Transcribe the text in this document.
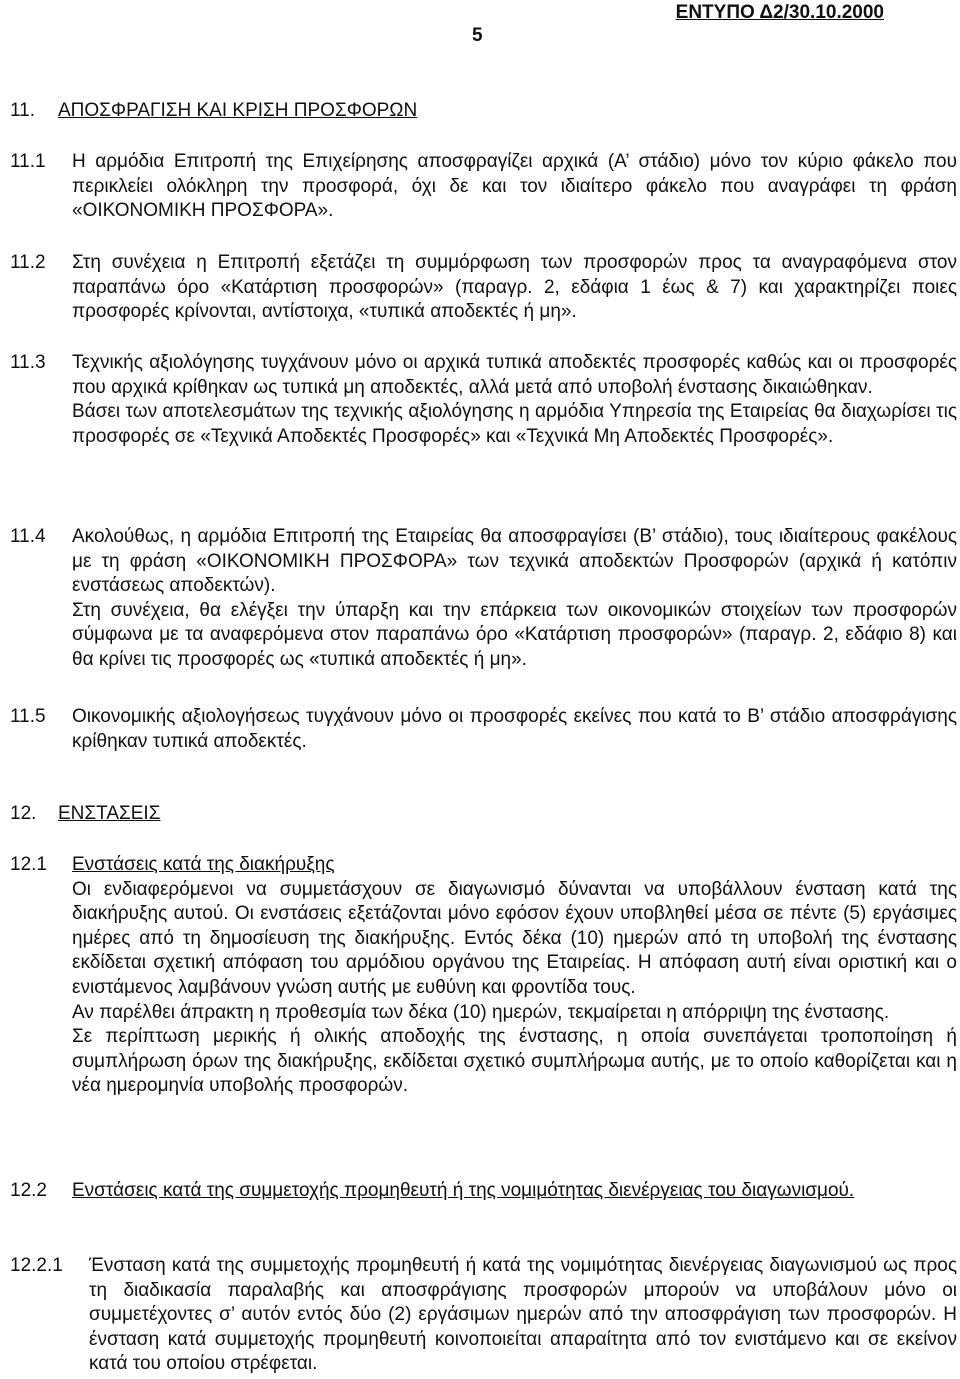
ΕΝΤΥΠΟ Δ2/30.10.2000
5
11. ΑΠΟΣΦΡΑΓΙΣΗ ΚΑΙ ΚΡΙΣΗ ΠΡΟΣΦΟΡΩΝ
11.1 Η αρμόδια Επιτροπή της Επιχείρησης αποσφραγίζει αρχικά (Α’ στάδιο) μόνο τον κύριο φάκελο που περικλείει ολόκληρη την προσφορά, όχι δε και τον ιδιαίτερο φάκελο που αναγράφει τη φράση «ΟΙΚΟΝΟΜΙΚΗ ΠΡΟΣΦΟΡΑ».

11.2 Στη συνέχεια η Επιτροπή εξετάζει τη συμμόρφωση των προσφορών προς τα αναγραφόμενα στον παραπάνω όρο «Κατάρτιση προσφορών» (παραγρ. 2, εδάφια 1 έως & 7) και χαρακτηρίζει ποιες προσφορές κρίνονται, αντίστοιχα, «τυπικά αποδεκτές ή μη».

11.3 Τεχνικής αξιολόγησης τυγχάνουν μόνο οι αρχικά τυπικά αποδεκτές προσφορές καθώς και οι προσφορές που αρχικά κρίθηκαν ως τυπικά μη αποδεκτές, αλλά μετά από υποβολή ένστασης δικαιώθηκαν.

Βάσει των αποτελεσμάτων της τεχνικής αξιολόγησης η αρμόδια Υπηρεσία της Εταιρείας θα διαχωρίσει τις προσφορές σε «Τεχνικά Αποδεκτές Προσφορές» και «Τεχνικά Μη Αποδεκτές Προσφορές».

11.4 Ακολούθως, η αρμόδια Επιτροπή της Εταιρείας θα αποσφραγίσει (Β’ στάδιο), τους ιδιαίτερους φακέλους με τη φράση «ΟΙΚΟΝΟΜΙΚΗ ΠΡΟΣΦΟΡΑ» των τεχνικά αποδεκτών Προσφορών (αρχικά ή κατόπιν ενστάσεως αποδεκτών).

Στη συνέχεια, θα ελέγξει την ύπαρξη και την επάρκεια των οικονομικών στοιχείων των προσφορών σύμφωνα με τα αναφερόμενα στον παραπάνω όρο «Κατάρτιση προσφορών» (παραγρ. 2, εδάφιο 8) και θα κρίνει τις προσφορές ως «τυπικά αποδεκτές ή μη».

11.5 Οικονομικής αξιολογήσεως τυγχάνουν μόνο οι προσφορές εκείνες που κατά το Β’ στάδιο αποσφράγισης κρίθηκαν τυπικά αποδεκτές.

12. ΕΝΣΤΑΣΕΙΣ
12.1 Ενστάσεις κατά της διακήρυξης

Οι ενδιαφερόμενοι να συμμετάσχουν σε διαγωνισμό δύνανται να υποβάλλουν ένσταση κατά της διακήρυξης αυτού. Οι ενστάσεις εξετάζονται μόνο εφόσον έχουν υποβληθεί μέσα σε πέντε (5) εργάσιμες ημέρες από τη δημοσίευση της διακήρυξης. Εντός δέκα (10) ημερών από τη υποβολή της ένστασης εκδίδεται σχετική απόφαση του αρμόδιου οργάνου της Εταιρείας. Η απόφαση αυτή είναι οριστική και ο ενιστάμενος λαμβάνουν γνώση αυτής με ευθύνη και φροντίδα τους.

Αν παρέλθει άπρακτη η προθεσμία των δέκα (10) ημερών, τεκμαίρεται η απόρριψη της ένστασης.

Σε περίπτωση μερικής ή ολικής αποδοχής της ένστασης, η οποία συνεπάγεται τροποποίηση ή συμπλήρωση όρων της διακήρυξης, εκδίδεται σχετικό συμπλήρωμα αυτής, με το οποίο καθορίζεται και η νέα ημερομηνία υποβολής προσφορών.

12.2 Ενστάσεις κατά της συμμετοχής προμηθευτή ή της νομιμότητας διενέργειας του διαγωνισμού.

12.2.1 Ένσταση κατά της συμμετοχής προμηθευτή ή κατά της νομιμότητας διενέργειας διαγωνισμού ως προς τη διαδικασία παραλαβής και αποσφράγισης προσφορών μπορούν να υποβάλουν μόνο οι συμμετέχοντες σ’ αυτόν εντός δύο (2) εργάσιμων ημερών από την αποσφράγιση των προσφορών. Η ένσταση κατά συμμετοχής προμηθευτή κοινοποιείται απαραίτητα από τον ενιστάμενο και σε εκείνον κατά του οποίου στρέφεται.
